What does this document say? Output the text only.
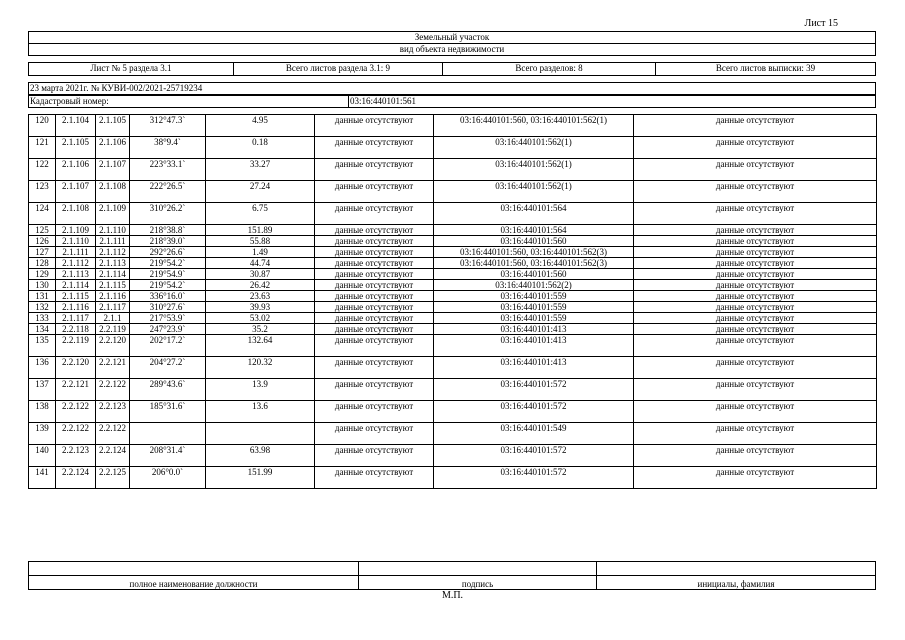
Лист 15
Земельный участок
вид объекта недвижимости
Лист № 5 раздела 3.1	Всего листов раздела 3.1: 9	Всего разделов: 8	Всего листов выписки: 39
23 марта 2021г. № КУВИ-002/2021-25719234
Кадастровый номер:	03:16:440101:561
120	2.1.104	2.1.105	312°47.3`	4.95	данные отсутствуют	03:16:440101:560, 03:16:440101:562(1)	данные отсутствуют
121	2.1.105	2.1.106	38°9.4`	0.18	данные отсутствуют	03:16:440101:562(1)	данные отсутствуют
122	2.1.106	2.1.107	223°33.1`	33.27	данные отсутствуют	03:16:440101:562(1)	данные отсутствуют
123	2.1.107	2.1.108	222°26.5`	27.24	данные отсутствуют	03:16:440101:562(1)	данные отсутствуют
124	2.1.108	2.1.109	310°26.2`	6.75	данные отсутствуют	03:16:440101:564	данные отсутствуют
125	2.1.109	2.1.110	218°38.8`	151.89	данные отсутствуют	03:16:440101:564	данные отсутствуют
126	2.1.110	2.1.111	218°39.0`	55.88	данные отсутствуют	03:16:440101:560	данные отсутствуют
127	2.1.111	2.1.112	292°26.6`	1.49	данные отсутствуют	03:16:440101:560, 03:16:440101:562(3)	данные отсутствуют
128	2.1.112	2.1.113	219°54.2`	44.74	данные отсутствуют	03:16:440101:560, 03:16:440101:562(3)	данные отсутствуют
129	2.1.113	2.1.114	219°54.9`	30.87	данные отсутствуют	03:16:440101:560	данные отсутствуют
130	2.1.114	2.1.115	219°54.2`	26.42	данные отсутствуют	03:16:440101:562(2)	данные отсутствуют
131	2.1.115	2.1.116	336°16.0`	23.63	данные отсутствуют	03:16:440101:559	данные отсутствуют
132	2.1.116	2.1.117	310°27.6`	39.93	данные отсутствуют	03:16:440101:559	данные отсутствуют
133	2.1.117	2.1.1	217°53.9`	53.02	данные отсутствуют	03:16:440101:559	данные отсутствуют
134	2.2.118	2.2.119	247°23.9`	35.2	данные отсутствуют	03:16:440101:413	данные отсутствуют
135	2.2.119	2.2.120	202°17.2`	132.64	данные отсутствуют	03:16:440101:413	данные отсутствуют
136	2.2.120	2.2.121	204°27.2`	120.32	данные отсутствуют	03:16:440101:413	данные отсутствуют
137	2.2.121	2.2.122	289°43.6`	13.9	данные отсутствуют	03:16:440101:572	данные отсутствуют
138	2.2.122	2.2.123	185°31.6`	13.6	данные отсутствуют	03:16:440101:572	данные отсутствуют
139	2.2.122	2.2.122			данные отсутствуют	03:16:440101:549	данные отсутствуют
140	2.2.123	2.2.124	208°31.4`	63.98	данные отсутствуют	03:16:440101:572	данные отсутствуют
141	2.2.124	2.2.125	206°0.0`	151.99	данные отсутствуют	03:16:440101:572	данные отсутствуют

полное наименование должности	подпись	инициалы, фамилия
М.П.
